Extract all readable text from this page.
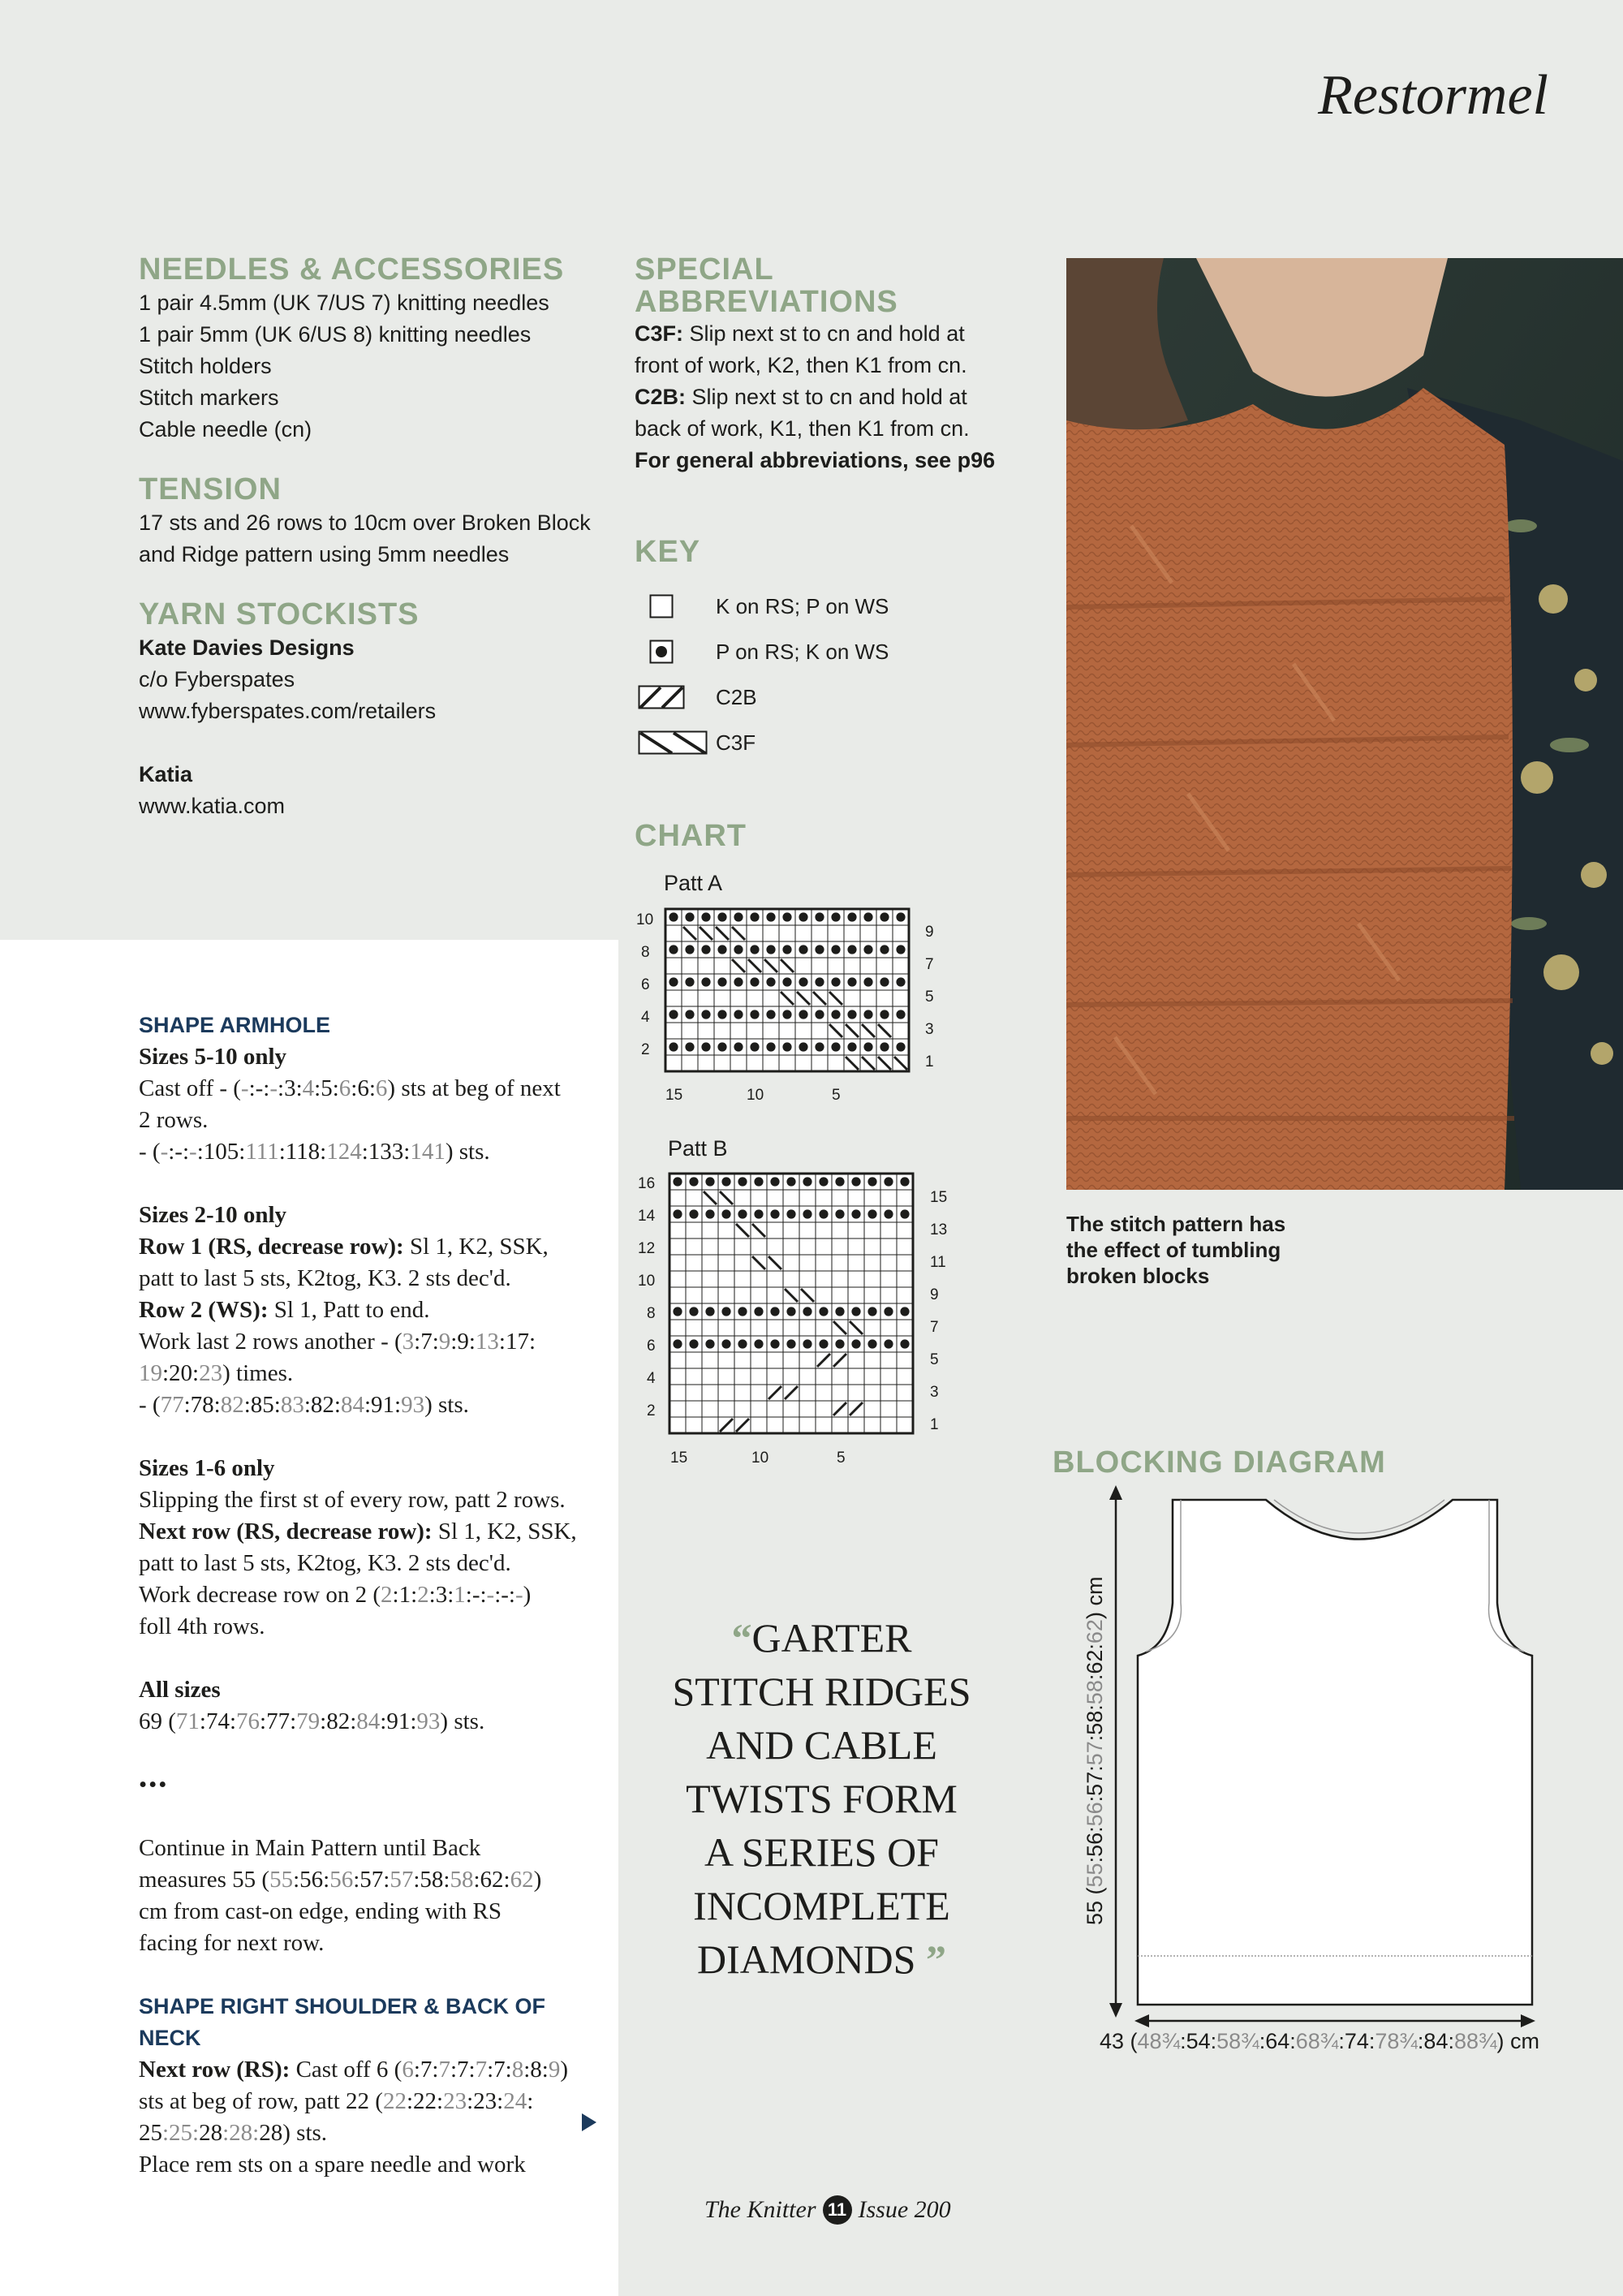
Restormel
NEEDLES & ACCESSORIES

1 pair 4.5mm (UK 7/US 7) knitting needles

1 pair 5mm (UK 6/US 8) knitting needles

Stitch holders

Stitch markers

Cable needle (cn)

TENSION

17 sts and 26 rows to 10cm over Broken Block

and Ridge pattern using 5mm needles

YARN STOCKISTS

Kate Davies Designs

c/o Fyberspates

www.fyberspates.com/retailers

Katia

www.katia.com

SPECIAL
ABBREVIATIONS

C3F: Slip next st to cn and hold at

front of work, K2, then K1 from cn.

C2B: Slip next st to cn and hold at

back of work, K1, then K1 from cn.

For general abbreviations, see p96

KEY
K on RS; P on WS
P on RS; K on WS
C2B
C3F
CHART
Patt A
10
8
6
4
2
9
7
5
3
1
15	10	5
Patt B
16
14
12
10
8
6
4
2
15
13
11
9
7
5
3
1
15	10	5
“GARTER
STITCH RIDGES
AND CABLE
TWISTS FORM
A SERIES OF
INCOMPLETE
DIAMONDS ”
The stitch pattern has
the effect of tumbling
broken blocks
BLOCKING DIAGRAM
55 (55:56:56:57:57:58:58:62:62) cm
43 (48¾:54:58¾:64:68¾:74:78¾:84:88¾) cm
SHAPE ARMHOLE

Sizes 5-10 only

Cast off - (-:-:-:3:4:5:6:6:6) sts at beg of next

2 rows.

- (-:-:-:105:111:118:124:133:141) sts.

Sizes 2-10 only

Row 1 (RS, decrease row): Sl 1, K2, SSK,

patt to last 5 sts, K2tog, K3. 2 sts dec'd.

Row 2 (WS): Sl 1, Patt to end.

Work last 2 rows another - (3:7:9:9:13:17:

19:20:23) times.

- (77:78:82:85:83:82:84:91:93) sts.

Sizes 1-6 only

Slipping the first st of every row, patt 2 rows.

Next row (RS, decrease row): Sl 1, K2, SSK,

patt to last 5 sts, K2tog, K3. 2 sts dec'd.

Work decrease row on 2 (2:1:2:3:1:-:-:-:-)

foll 4th rows.

All sizes

69 (71:74:76:77:79:82:84:91:93) sts.

•••

Continue in Main Pattern until Back

measures 55 (55:56:56:57:57:58:58:62:62)

cm from cast-on edge, ending with RS

facing for next row.

SHAPE RIGHT SHOULDER & BACK OF NECK

Next row (RS): Cast off 6 (6:7:7:7:7:7:8:8:9)

sts at beg of row, patt 22 (22:22:23:23:24:

25:25:28:28:28) sts.

Place rem sts on a spare needle and work

The Knitter 11 Issue 200
